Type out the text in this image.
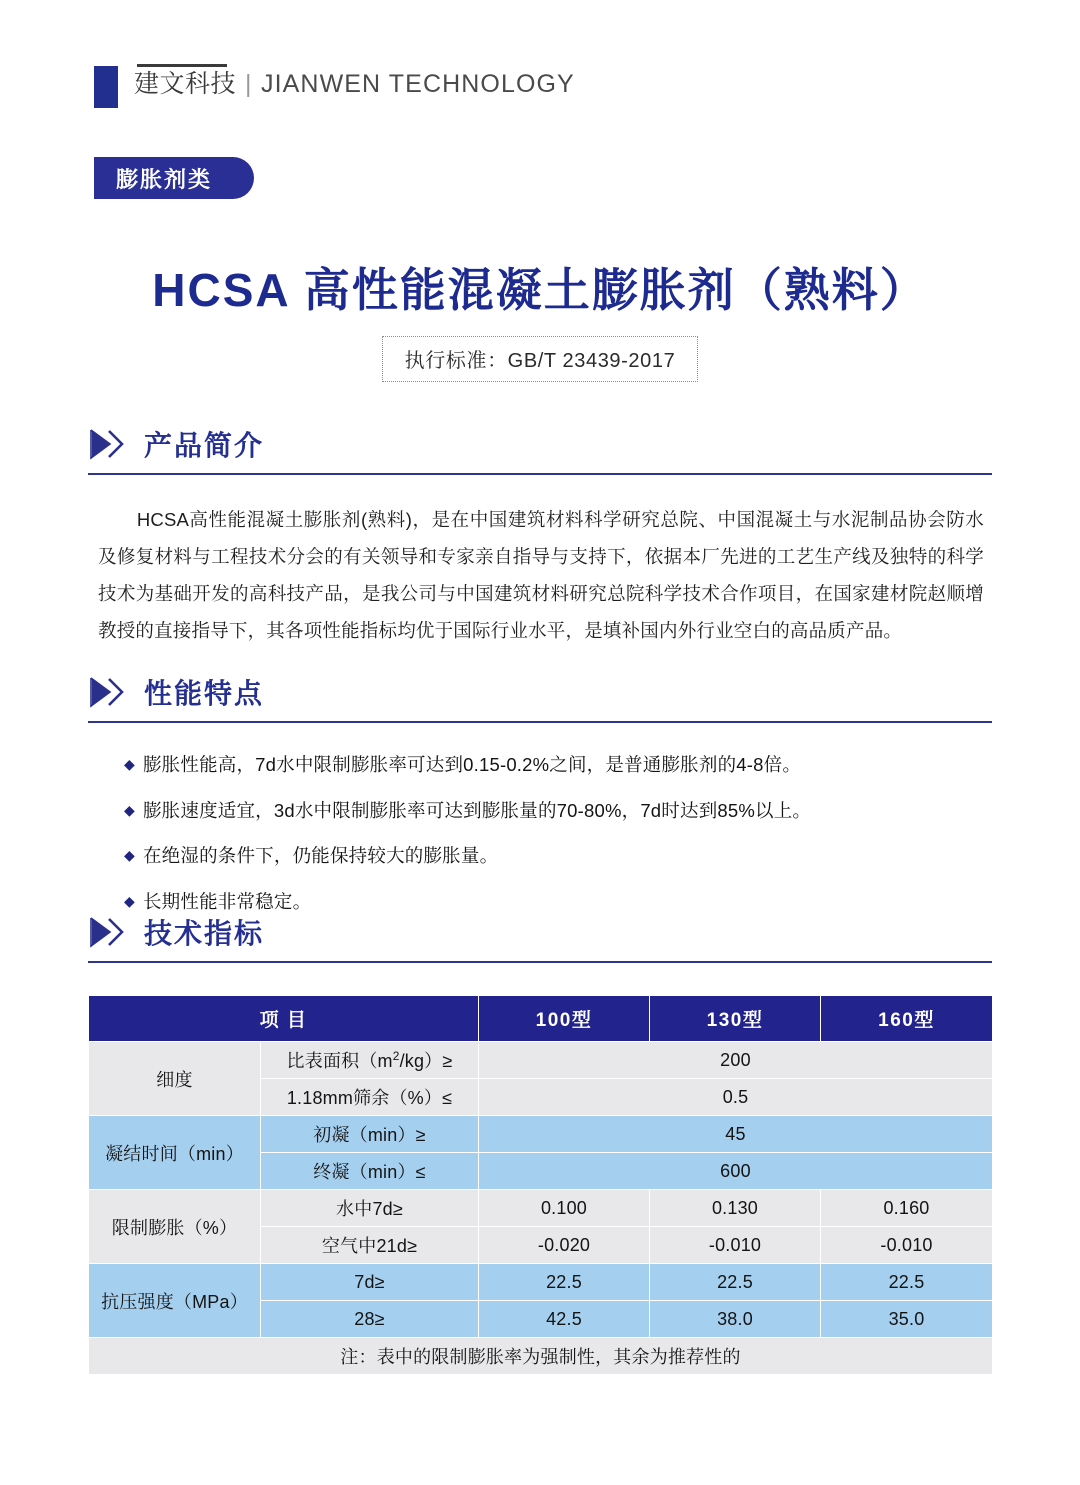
建文科技 | JIANWEN TECHNOLOGY
膨胀剂类
HCSA 高性能混凝土膨胀剂（熟料）
执行标准：GB/T 23439-2017
产品简介

HCSA高性能混凝土膨胀剂(熟料)，是在中国建筑材料科学研究总院、中国混凝土与水泥制品协会防水及修复材料与工程技术分会的有关领导和专家亲自指导与支持下，依据本厂先进的工艺生产线及独特的科学技术为基础开发的高科技产品，是我公司与中国建筑材料研究总院科学技术合作项目，在国家建材院赵顺增教授的直接指导下，其各项性能指标均优于国际行业水平，是填补国内外行业空白的高品质产品。

性能特点
◆ 膨胀性能高，7d水中限制膨胀率可达到0.15-0.2%之间，是普通膨胀剂的4-8倍。
◆ 膨胀速度适宜，3d水中限制膨胀率可达到膨胀量的70-80%，7d时达到85%以上。
◆ 在绝湿的条件下，仍能保持较大的膨胀量。
◆ 长期性能非常稳定。
技术指标
项 目		100型	130型	160型
细度	比表面积$(m^2/kg)\ge$	200		
	1.18mm筛余（%）≤	0.5		
凝结时间（min）	初凝（min）≥	45		
	终凝（min）≤	600		
限制膨胀（%）	水中7d≥	0.100	0.130	0.160
	空气中21d≥	-0.020	-0.010	-0.010
抗压强度（MPa）	7d≥	22.5	22.5	22.5
	28≥	42.5	38.0	35.0
注：表中的限制膨胀率为强制性，其余为推荐性的				
